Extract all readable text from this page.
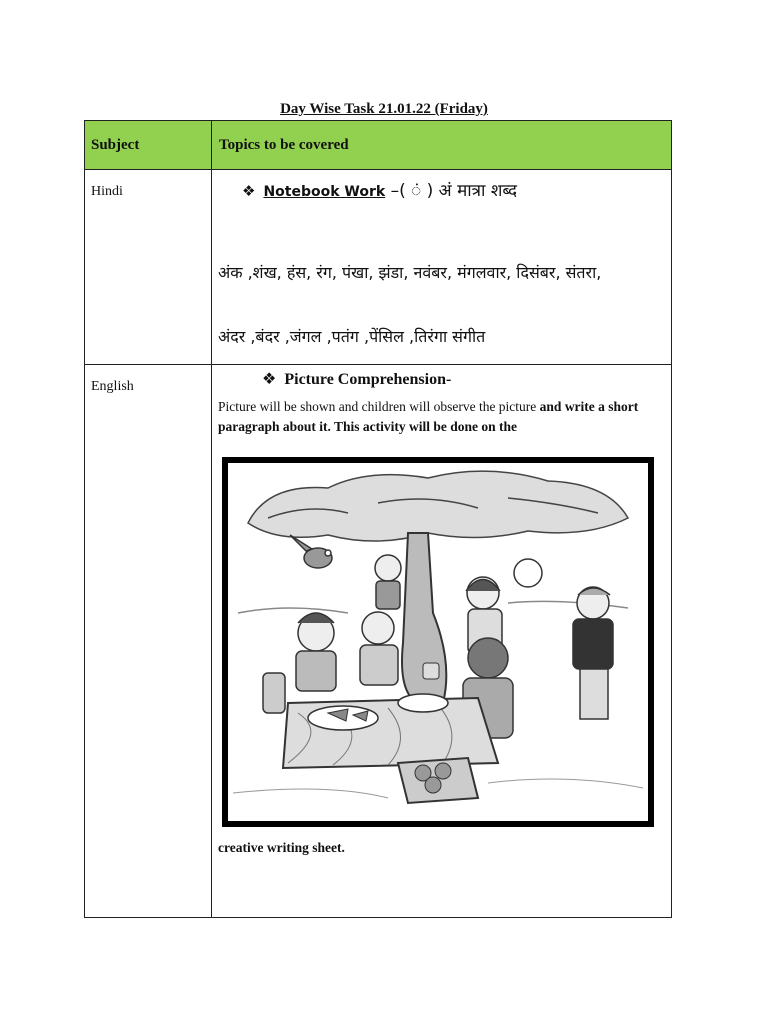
Day Wise Task 21.01.22 (Friday)
Subject	Topics to be covered
Hindi	❖ Notebook Work –( ं ) अं मात्रा शब्द
अंक ,शंख, हंस, रंग, पंखा, झंडा, नवंबर, मंगलवार, दिसंबर, संतरा,
अंदर ,बंदर ,जंगल ,पतंग ,पेंसिल ,तिरंगा संगीत

English	❖ Picture Comprehension-
Picture will be shown and children will observe the picture and write a short paragraph about it. This activity will be done on the
creative writing sheet.
